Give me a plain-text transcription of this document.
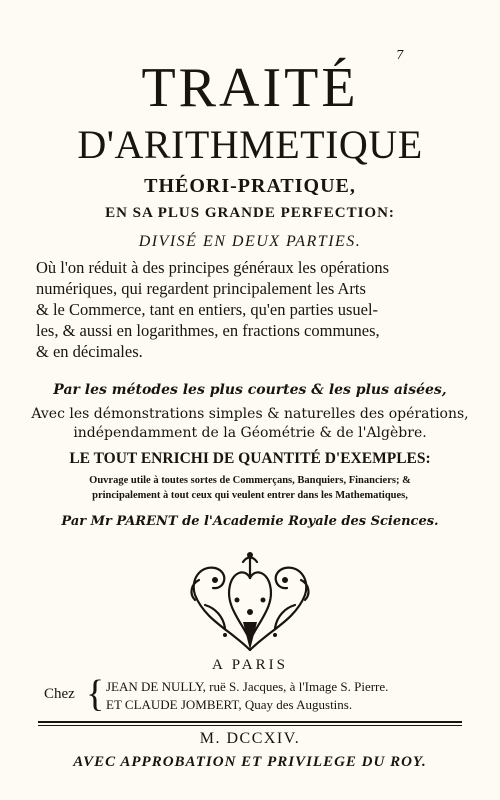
7
TRAITÉ
D'ARITHMETIQUE
THÉORI-PRATIQUE,
EN SA PLUS GRANDE PERFECTION:
DIVISÉ EN DEUX PARTIES.
Où l'on réduit à des principes généraux les opérations
numériques, qui regardent principalement les Arts
& le Commerce, tant en entiers, qu'en parties usuel-
les, & aussi en logarithmes, en fractions communes,
& en décimales.
Par les métodes les plus courtes & les plus aisées,
Avec les démonstrations simples & naturelles des opérations,
indépendamment de la Géométrie & de l'Algèbre.
LE TOUT ENRICHI DE QUANTITÉ D'EXEMPLES:
Ouvrage utile à toutes sortes de Commerçans, Banquiers, Financiers; &
principalement à tout ceux qui veulent entrer dans les Mathematiques,
Par Mr PARENT de l'Academie Royale des Sciences.
A PARIS
Chez { JEAN DE NULLY, ruë S. Jacques, à l'Image S. Pierre.
ET CLAUDE JOMBERT, Quay des Augustins.
M. DCCXIV.
AVEC APPROBATION ET PRIVILEGE DU ROY.
